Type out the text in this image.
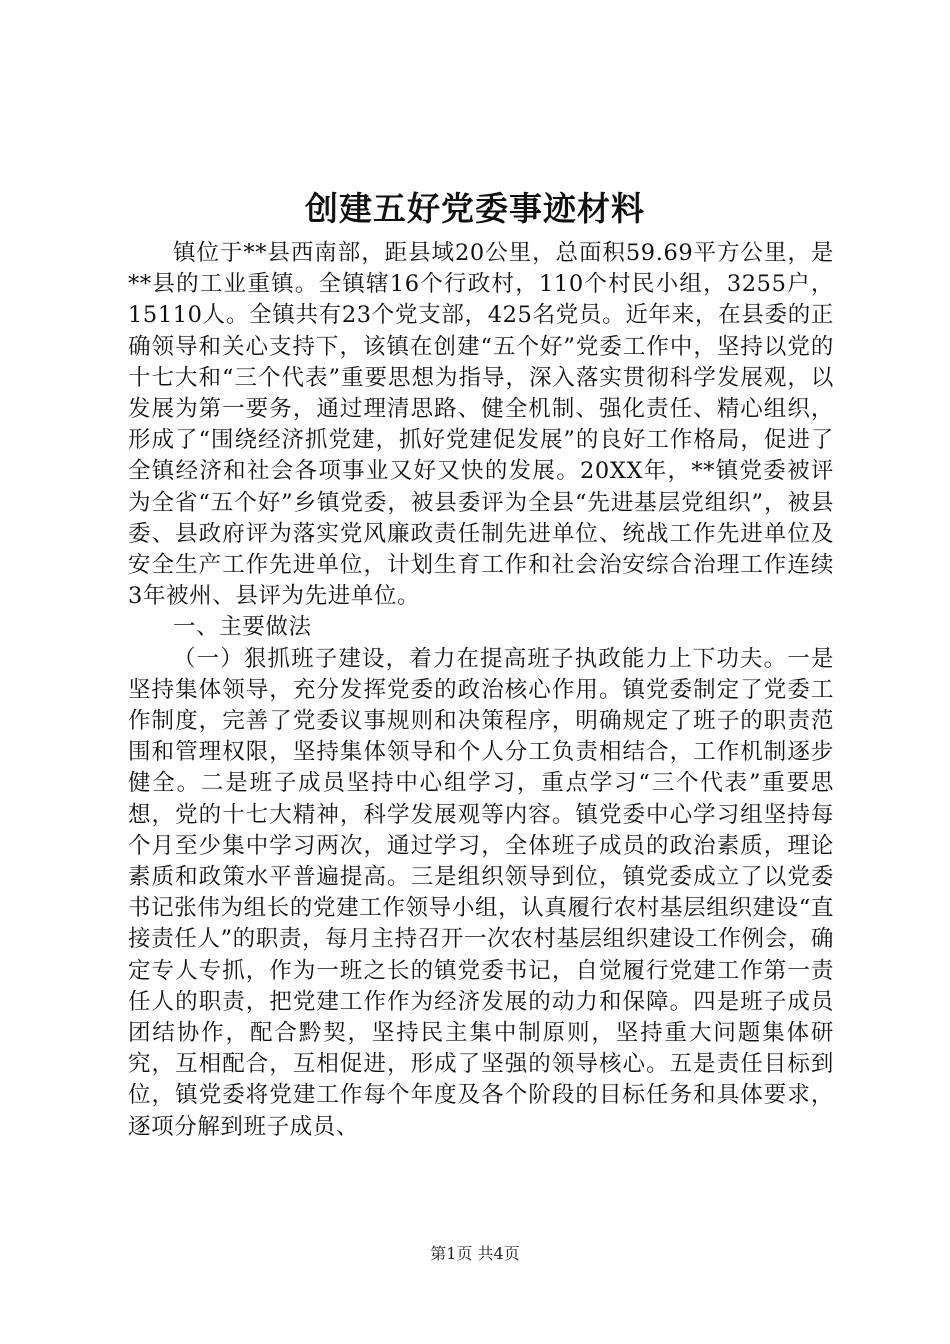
创建五好党委事迹材料

镇位于**县西南部，距县域20公里，总面积59.69平方公里，是**县的工业重镇。全镇辖16个行政村，110个村民小组，3255户，15110人。全镇共有23个党支部，425名党员。近年来，在县委的正确领导和关心支持下，该镇在创建“五个好”党委工作中，坚持以党的十七大和“三个代表”重要思想为指导，深入落实贯彻科学发展观，以发展为第一要务，通过理清思路、健全机制、强化责任、精心组织，形成了“围绕经济抓党建，抓好党建促发展”的良好工作格局，促进了全镇经济和社会各项事业又好又快的发展。20XX年，**镇党委被评为全省“五个好”乡镇党委，被县委评为全县“先进基层党组织”，被县委、县政府评为落实党风廉政责任制先进单位、统战工作先进单位及安全生产工作先进单位，计划生育工作和社会治安综合治理工作连续3年被州、县评为先进单位。

一、主要做法

（一）狠抓班子建设，着力在提高班子执政能力上下功夫。一是坚持集体领导，充分发挥党委的政治核心作用。镇党委制定了党委工作制度，完善了党委议事规则和决策程序，明确规定了班子的职责范围和管理权限，坚持集体领导和个人分工负责相结合，工作机制逐步健全。二是班子成员坚持中心组学习，重点学习“三个代表”重要思想，党的十七大精神，科学发展观等内容。镇党委中心学习组坚持每个月至少集中学习两次，通过学习，全体班子成员的政治素质，理论素质和政策水平普遍提高。三是组织领导到位，镇党委成立了以党委书记张伟为组长的党建工作领导小组，认真履行农村基层组织建设“直接责任人”的职责，每月主持召开一次农村基层组织建设工作例会，确定专人专抓，作为一班之长的镇党委书记，自觉履行党建工作第一责任人的职责，把党建工作作为经济发展的动力和保障。四是班子成员团结协作，配合黔契，坚持民主集中制原则，坚持重大问题集体研究，互相配合，互相促进，形成了坚强的领导核心。五是责任目标到位，镇党委将党建工作每个年度及各个阶段的目标任务和具体要求，逐项分解到班子成员、

第1页 共4页
